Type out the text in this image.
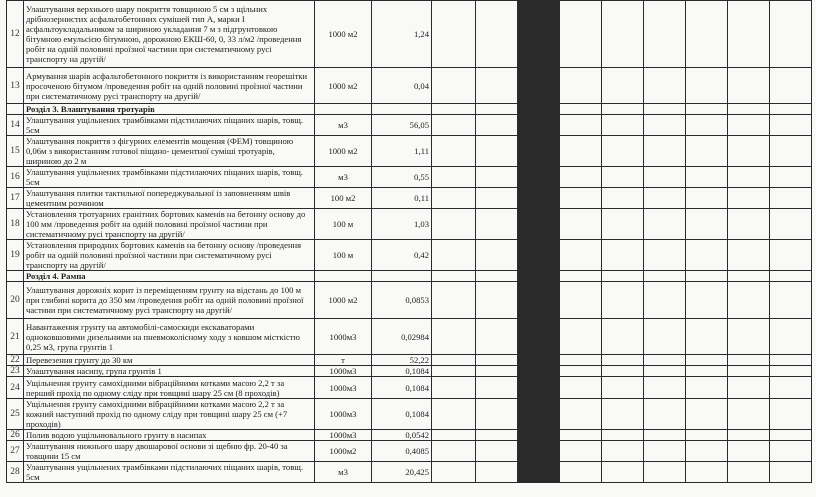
12	Улаштування верхнього шару покриття товщиною 5 см з щільних дрібнозернистих асфальтобетонних сумішей тип А, марки I асфальтоукладальником за шириною укладання 7 м з підгрунтовкою бітумною емульсією бітумною, дорожною ЕКШ-60, 0, 33 л/м2 /проведення робіт на одній половині проїзної частини при систематичному русі транспорту на другій/	1000 м2	1,24									
13	Армування шарів асфальтобетонного покриття із використанням георешітки просоченою бітумом /проведення робіт на одній половині проїзної частини при систематичному русі транспорту на другій/	1000 м2	0,04									
	Розділ 3. Влаштування тротуарів											
14	Улаштування ущільнених трамбівками підстилаючих піщаних шарів, товщ. 5см	м3	56,05									
15	Улаштування покриття з фігурних елементів мощення (ФЕМ) товщиною 0,06м з використанням готової піщано- цементної суміші тротуарів, шириною до 2 м	1000 м2	1,11									
16	Улаштування ущільнених трамбівками підстилаючих піщаних шарів, товщ. 5см	м3	0,55									
17	Улаштування плитки тактильної попереджувальної із заповненням швів цементним розчином	100 м2	0,11									
18	Установлення тротуарних гранітних бортових каменів на бетонну основу до 100 мм /проведення робіт на одній половині проїзної частини при систематичному русі транспорту на другій/	100 м	1,03									
19	Установлення природних бортових каменів на бетонну основу /проведення робіт на одній половині проїзної частини при систематичному русі транспорту на другій/	100 м	0,42									
	Розділ 4. Рампа											
20	Улаштування дорожніх корит із переміщенням грунту на відстань до 100 м при глибині корита до 350 мм /проведення робіт на одній половині проїзної частини при систематичному русі транспорту на другій/	1000 м2	0,0853									
21	Навантаження грунту на автомобілі-самоскиди екскаваторами одноковшовими дизельними на пневмоколісному ходу з ковшом місткістю 0,25 м3, група грунтів 1	1000м3	0,02984									
22	Перевезення грунту до 30 км	т	52,22									
23	Улаштування насипу, група грунтів 1	1000м3	0,1084									
24	Ущільнення грунту самохідними вібраційними котками масою 2,2 т за перший прохід по одному сліду при товщині шару 25 см (8 проходів)	1000м3	0,1084									
25	Ущільнення грунту самохідними вібраційними котками масою 2,2 т за кожний наступний прохід по одному сліду при товщині шару 25 см (+7 проходів)	1000м3	0,1084									
26	Полив водою ущільнювального грунту в насипах	1000м3	0,0542									
27	Улаштування нижнього шару двошарової основи зі щебню фр. 20-40 за товщини 15 см	1000м2	0,4085									
28	Улаштування ущільнених трамбівками підстилаючих піщаних шарів, товщ. 5см	м3	20,425									
